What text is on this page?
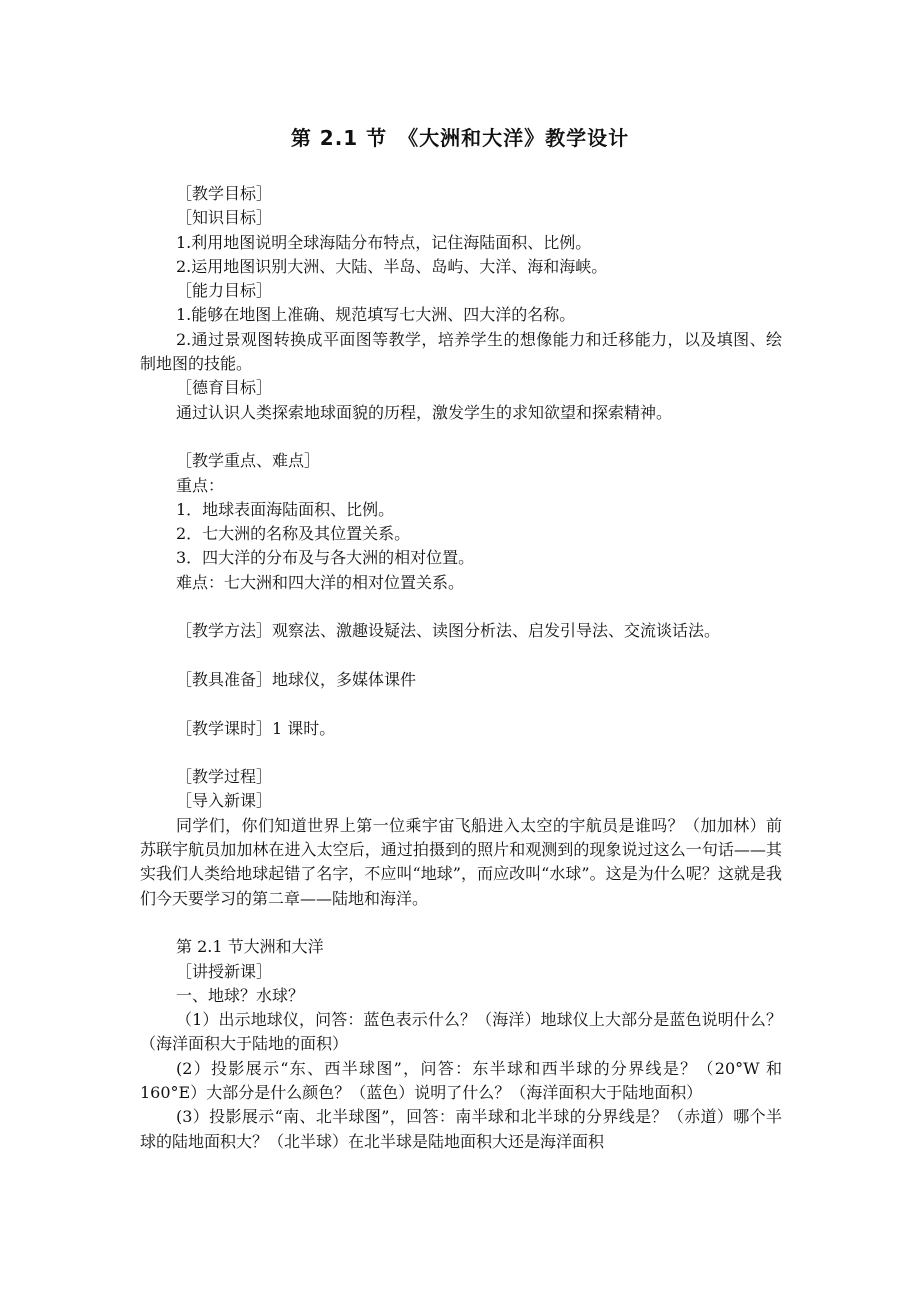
第 2.1 节　《大洲和大洋》教学设计

［教学目标］

［知识目标］

1.利用地图说明全球海陆分布特点，记住海陆面积、比例。

2.运用地图识别大洲、大陆、半岛、岛屿、大洋、海和海峡。

［能力目标］

1.能够在地图上准确、规范填写七大洲、四大洋的名称。

2.通过景观图转换成平面图等教学，培养学生的想像能力和迁移能力，以及填图、绘制地图的技能。

［德育目标］

通过认识人类探索地球面貌的历程，激发学生的求知欲望和探索精神。

［教学重点、难点］

重点：

1．地球表面海陆面积、比例。

2．七大洲的名称及其位置关系。

3．四大洋的分布及与各大洲的相对位置。

难点：七大洲和四大洋的相对位置关系。

［教学方法］观察法、激趣设疑法、读图分析法、启发引导法、交流谈话法。

［教具准备］地球仪，多媒体课件

［教学课时］1 课时。

［教学过程］

［导入新课］

同学们，你们知道世界上第一位乘宇宙飞船进入太空的宇航员是谁吗？（加加林）前苏联宇航员加加林在进入太空后，通过拍摄到的照片和观测到的现象说过这么一句话——其实我们人类给地球起错了名字，不应叫“地球”，而应改叫“水球”。这是为什么呢？这就是我们今天要学习的第二章——陆地和海洋。

第 2.1 节大洲和大洋

［讲授新课］

一、地球？水球？

（1）出示地球仪，问答：蓝色表示什么？（海洋）地球仪上大部分是蓝色说明什么？（海洋面积大于陆地的面积）

(2）投影展示“东、西半球图”，问答：东半球和西半球的分界线是？（20°W 和 160°E）大部分是什么颜色？（蓝色）说明了什么？（海洋面积大于陆地面积）

(3）投影展示“南、北半球图”，回答：南半球和北半球的分界线是？（赤道）哪个半球的陆地面积大？（北半球）在北半球是陆地面积大还是海洋面积
